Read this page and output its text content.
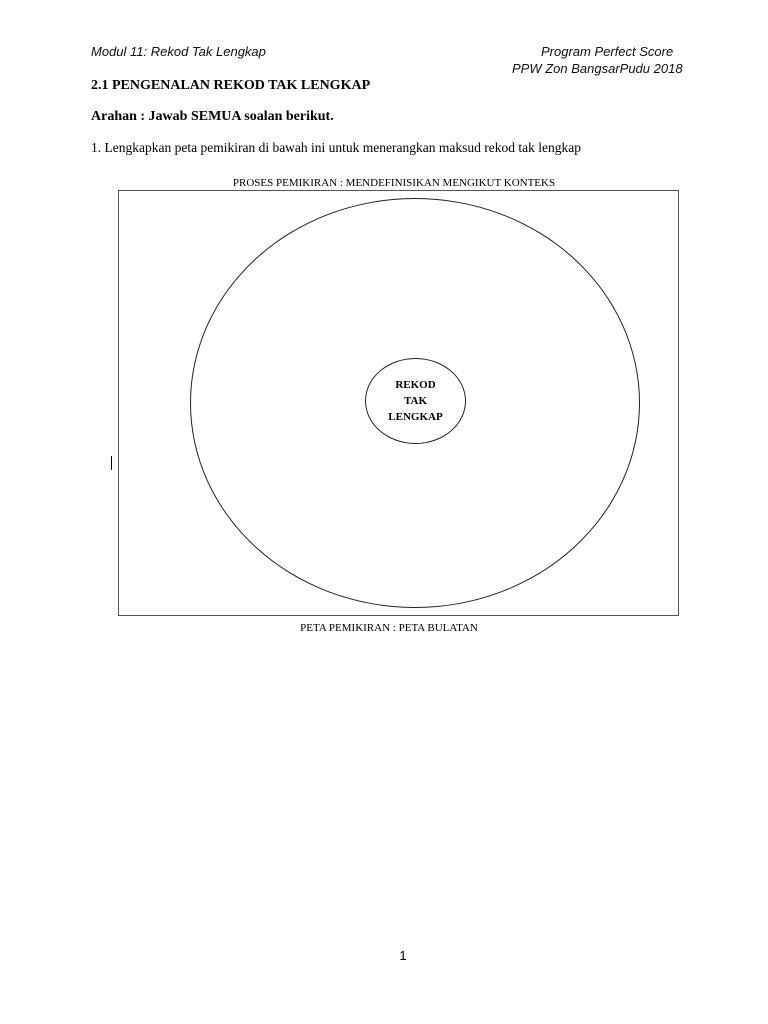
Modul 11: Rekod Tak Lengkap	Program Perfect Score
PPW Zon BangsarPudu 2018
2.1 PENGENALAN REKOD TAK LENGKAP
Arahan : Jawab SEMUA soalan berikut.
1. Lengkapkan peta pemikiran di bawah ini untuk menerangkan maksud rekod tak lengkap
PROSES PEMIKIRAN : MENDEFINISIKAN MENGIKUT KONTEKS
REKOD
TAK
LENGKAP
PETA PEMIKIRAN : PETA BULATAN
1
